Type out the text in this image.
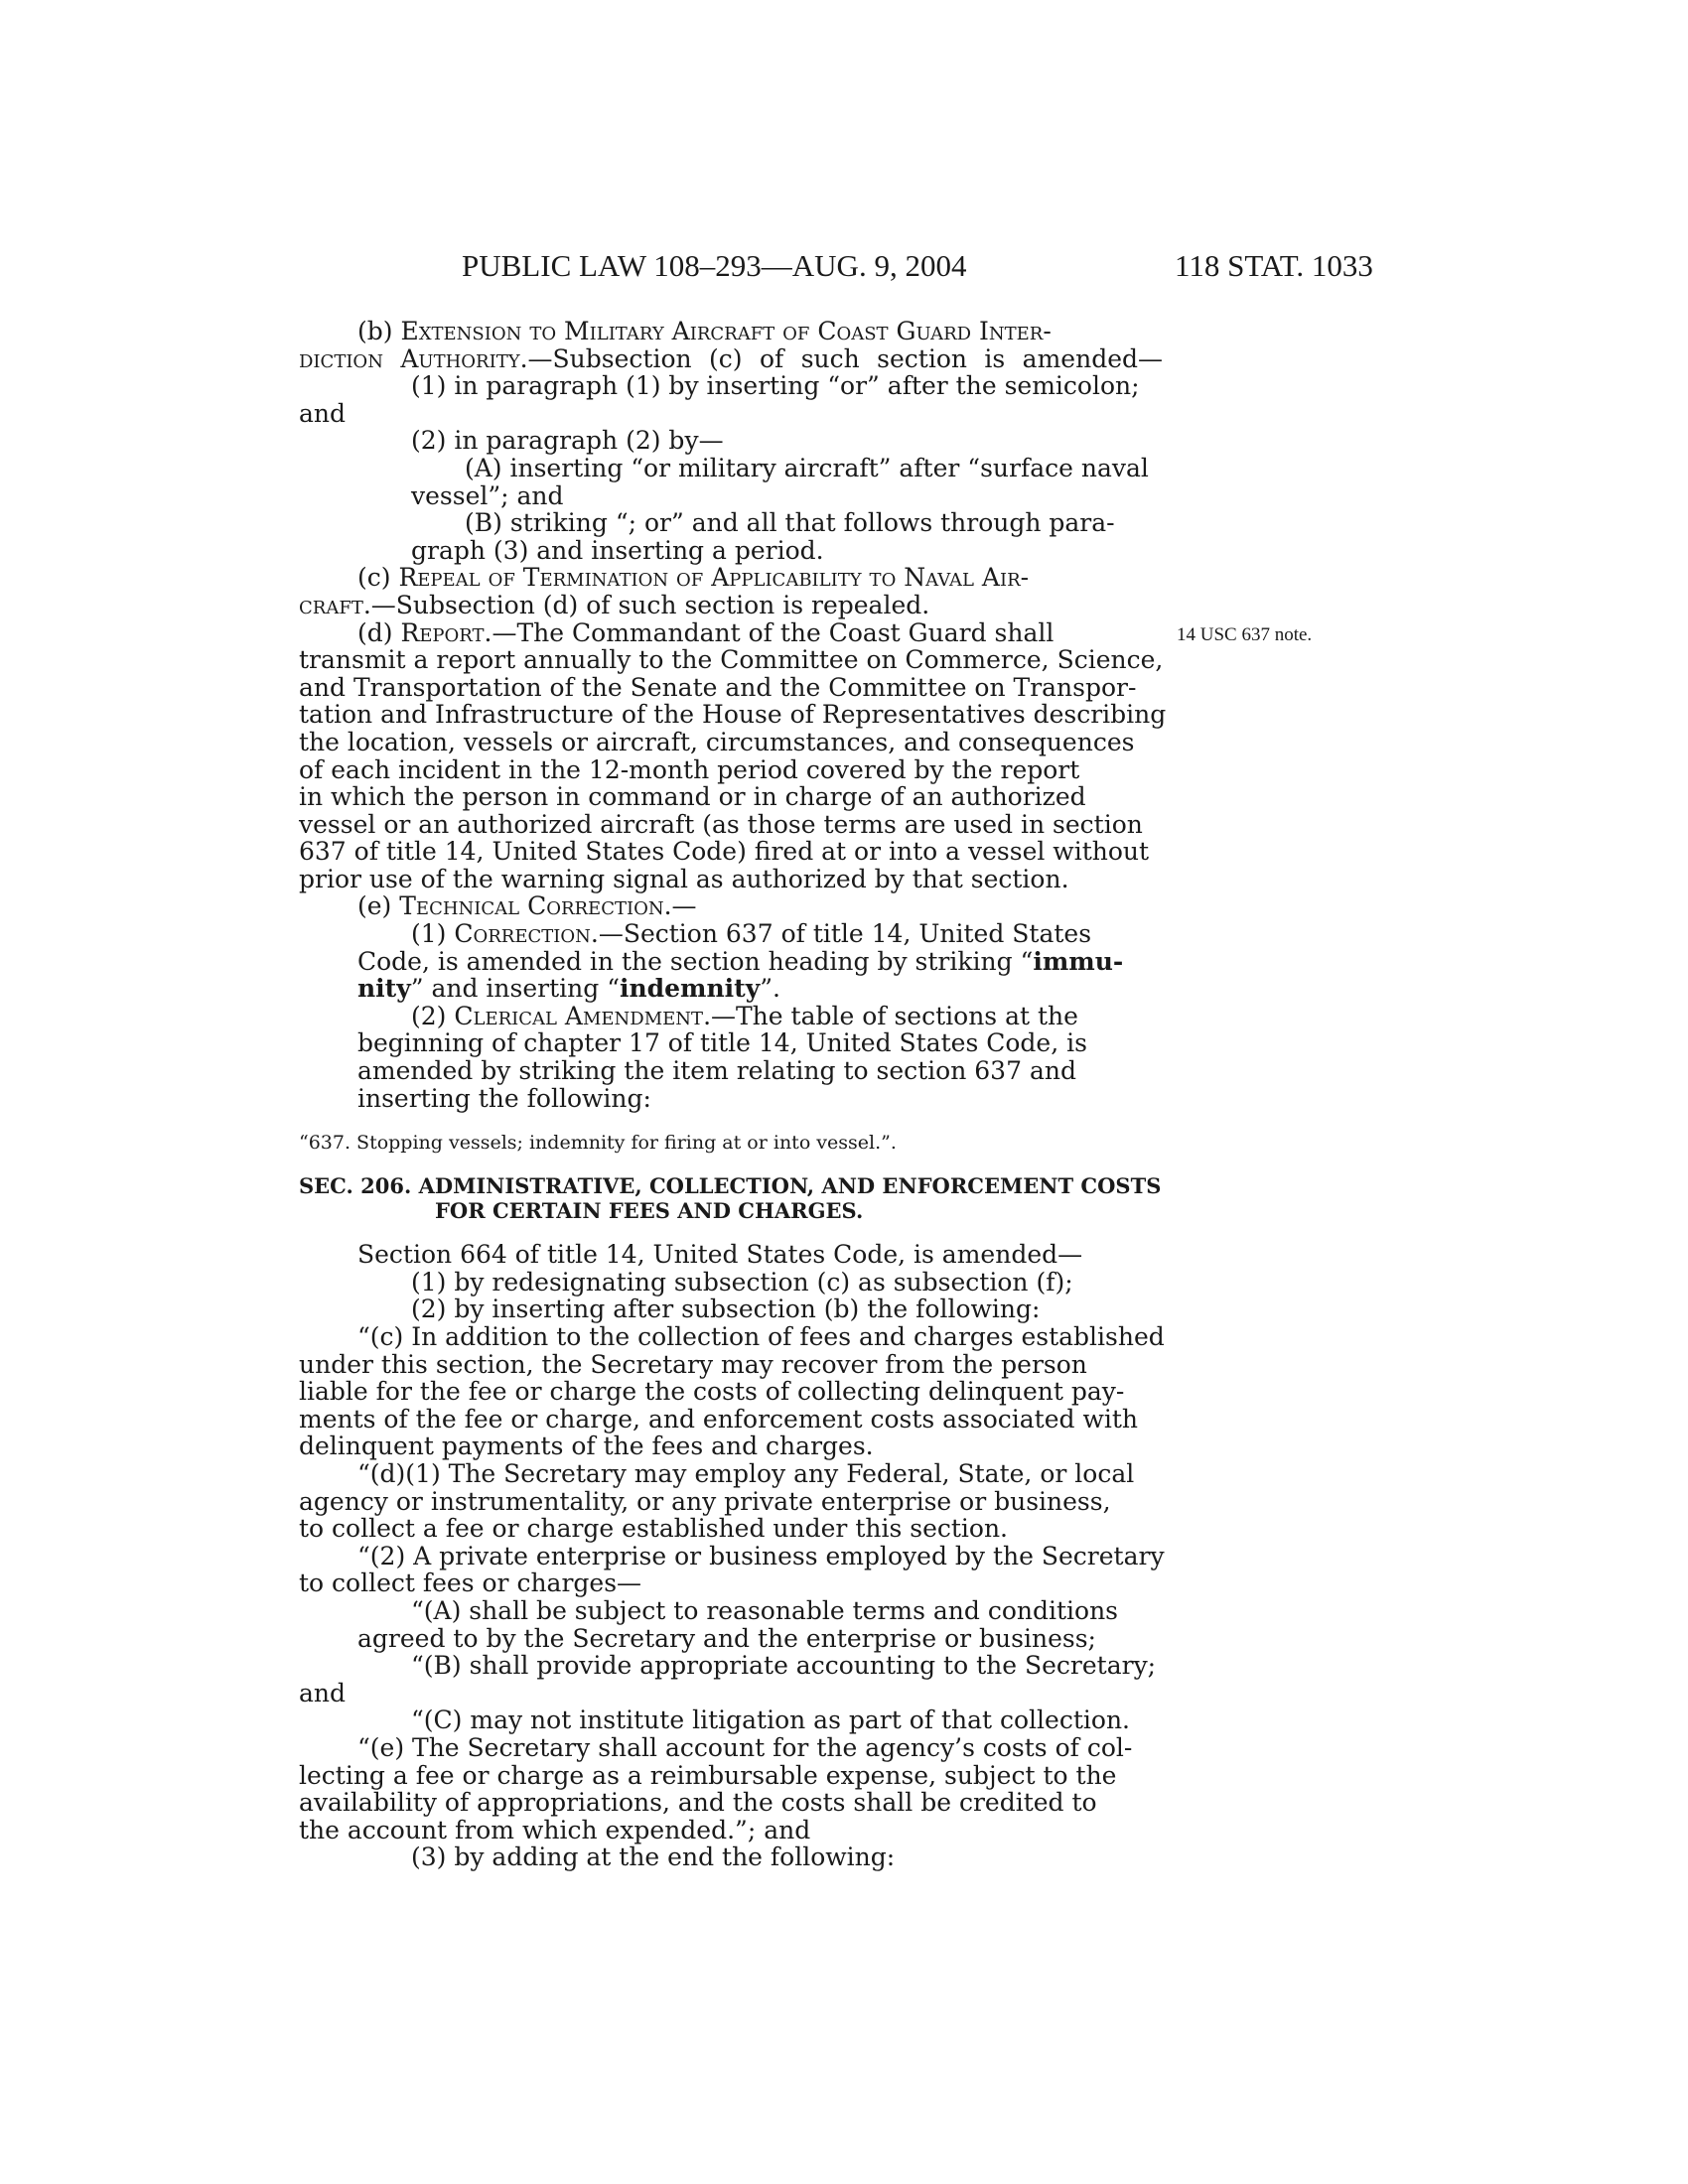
PUBLIC LAW 108–293—AUG. 9, 2004	118 STAT. 1033
14 USC 637 note.
(b) Extension to Military Aircraft of Coast Guard Inter-
diction Authority.—Subsection (c) of such section is amended—
(1) in paragraph (1) by inserting “or” after the semicolon;
and
(2) in paragraph (2) by—
(A) inserting “or military aircraft” after “surface naval
vessel”; and
(B) striking “; or” and all that follows through para-
graph (3) and inserting a period.
(c) Repeal of Termination of Applicability to Naval Air-
craft.—Subsection (d) of such section is repealed.
(d) Report.—The Commandant of the Coast Guard shall
transmit a report annually to the Committee on Commerce, Science,
and Transportation of the Senate and the Committee on Transpor-
tation and Infrastructure of the House of Representatives describing
the location, vessels or aircraft, circumstances, and consequences
of each incident in the 12-month period covered by the report
in which the person in command or in charge of an authorized
vessel or an authorized aircraft (as those terms are used in section
637 of title 14, United States Code) fired at or into a vessel without
prior use of the warning signal as authorized by that section.
(e) Technical Correction.—
(1) Correction.—Section 637 of title 14, United States
Code, is amended in the section heading by striking “immu-
nity” and inserting “indemnity”.
(2) Clerical Amendment.—The table of sections at the
beginning of chapter 17 of title 14, United States Code, is
amended by striking the item relating to section 637 and
inserting the following:
“637. Stopping vessels; indemnity for firing at or into vessel.”.
SEC. 206. ADMINISTRATIVE, COLLECTION, AND ENFORCEMENT COSTS
FOR CERTAIN FEES AND CHARGES.
Section 664 of title 14, United States Code, is amended—
(1) by redesignating subsection (c) as subsection (f);
(2) by inserting after subsection (b) the following:
“(c) In addition to the collection of fees and charges established
under this section, the Secretary may recover from the person
liable for the fee or charge the costs of collecting delinquent pay-
ments of the fee or charge, and enforcement costs associated with
delinquent payments of the fees and charges.
“(d)(1) The Secretary may employ any Federal, State, or local
agency or instrumentality, or any private enterprise or business,
to collect a fee or charge established under this section.
“(2) A private enterprise or business employed by the Secretary
to collect fees or charges—
“(A) shall be subject to reasonable terms and conditions
agreed to by the Secretary and the enterprise or business;
“(B) shall provide appropriate accounting to the Secretary;
and
“(C) may not institute litigation as part of that collection.
“(e) The Secretary shall account for the agency’s costs of col-
lecting a fee or charge as a reimbursable expense, subject to the
availability of appropriations, and the costs shall be credited to
the account from which expended.”; and
(3) by adding at the end the following:
